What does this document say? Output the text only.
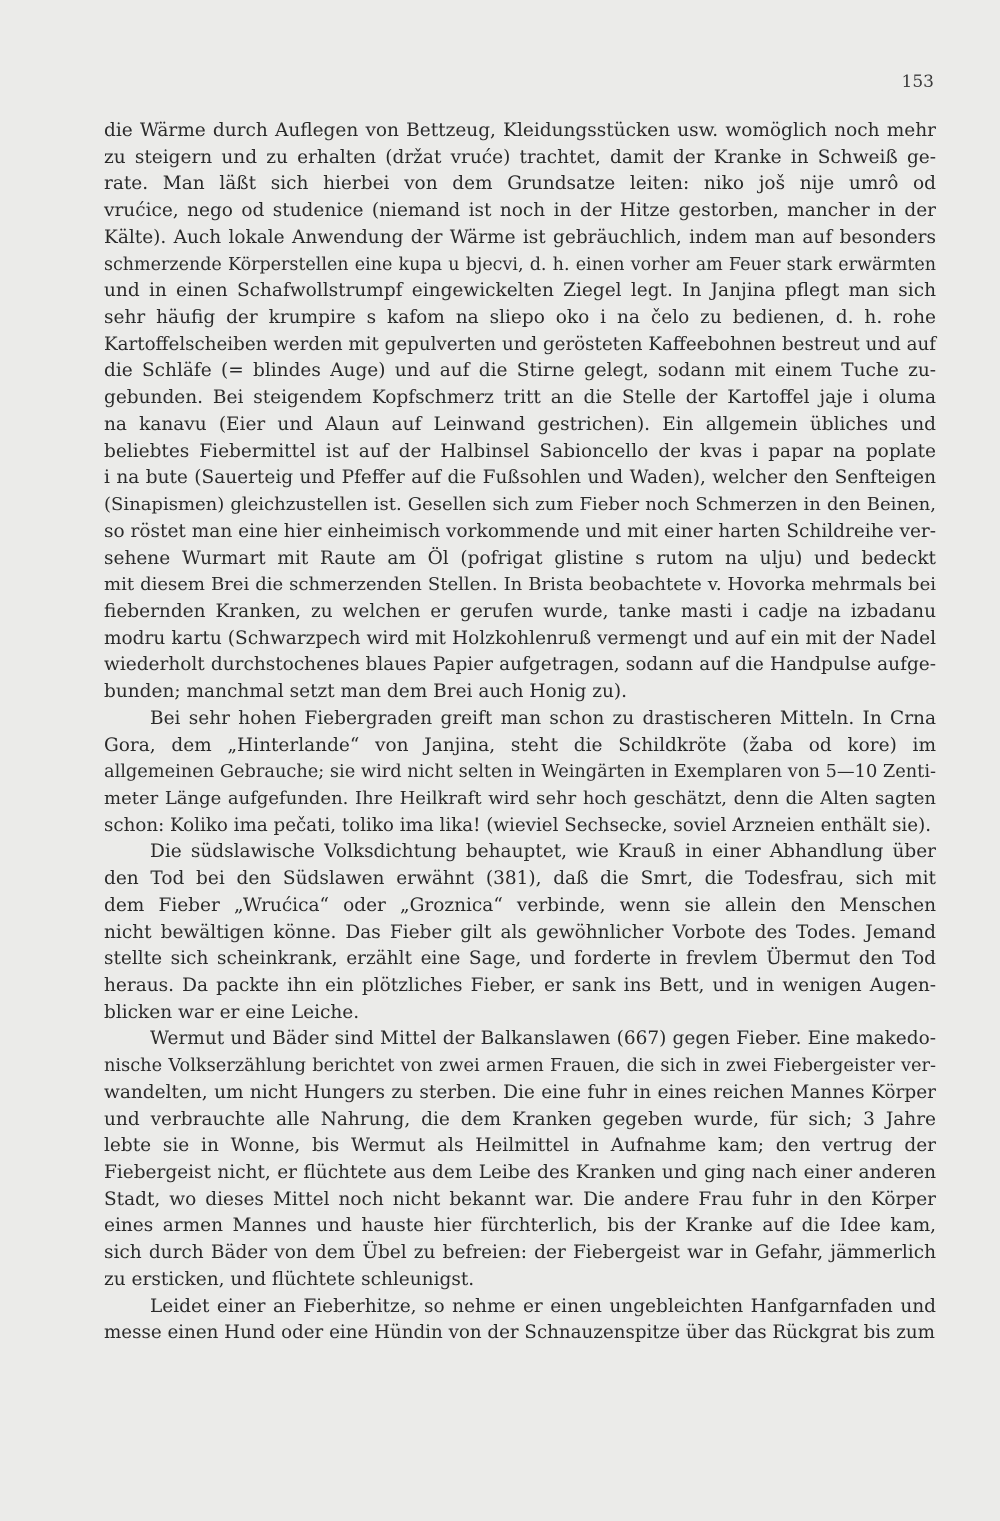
153
die Wärme durch Auflegen von Bettzeug, Kleidungsstücken usw. womöglich noch mehr
zu steigern und zu erhalten (držat vruće) trachtet, damit der Kranke in Schweiß ge-
rate. Man läßt sich hierbei von dem Grundsatze leiten: niko još nije umrô od
vrućice, nego od studenice (niemand ist noch in der Hitze gestorben, mancher in der
Kälte). Auch lokale Anwendung der Wärme ist gebräuchlich, indem man auf besonders
schmerzende Körperstellen eine kupa u bjecvi, d. h. einen vorher am Feuer stark erwärmten
und in einen Schafwollstrumpf eingewickelten Ziegel legt. In Janjina pflegt man sich
sehr häufig der krumpire s kafom na sliepo oko i na čelo zu bedienen, d. h. rohe
Kartoffelscheiben werden mit gepulverten und gerösteten Kaffeebohnen bestreut und auf
die Schläfe (= blindes Auge) und auf die Stirne gelegt, sodann mit einem Tuche zu-
gebunden. Bei steigendem Kopfschmerz tritt an die Stelle der Kartoffel jaje i oluma
na kanavu (Eier und Alaun auf Leinwand gestrichen). Ein allgemein übliches und
beliebtes Fiebermittel ist auf der Halbinsel Sabioncello der kvas i papar na poplate
i na bute (Sauerteig und Pfeffer auf die Fußsohlen und Waden), welcher den Senfteigen
(Sinapismen) gleichzustellen ist. Gesellen sich zum Fieber noch Schmerzen in den Beinen,
so röstet man eine hier einheimisch vorkommende und mit einer harten Schildreihe ver-
sehene Wurmart mit Raute am Öl (pofrigat glistine s rutom na ulju) und bedeckt
mit diesem Brei die schmerzenden Stellen. In Brista beobachtete v. Hovorka mehrmals bei
fiebernden Kranken, zu welchen er gerufen wurde, tanke masti i cadje na izbadanu
modru kartu (Schwarzpech wird mit Holzkohlenruß vermengt und auf ein mit der Nadel
wiederholt durchstochenes blaues Papier aufgetragen, sodann auf die Handpulse aufge-
bunden; manchmal setzt man dem Brei auch Honig zu).
Bei sehr hohen Fiebergraden greift man schon zu drastischeren Mitteln. In Crna
Gora, dem „Hinterlande“ von Janjina, steht die Schildkröte (žaba od kore) im
allgemeinen Gebrauche; sie wird nicht selten in Weingärten in Exemplaren von 5—10 Zenti-
meter Länge aufgefunden. Ihre Heilkraft wird sehr hoch geschätzt, denn die Alten sagten
schon: Koliko ima pečati, toliko ima lika! (wieviel Sechsecke, soviel Arzneien enthält sie).
Die südslawische Volksdichtung behauptet, wie Krauß in einer Abhandlung über
den Tod bei den Südslawen erwähnt (381), daß die Smrt, die Todesfrau, sich mit
dem Fieber „Wrućica“ oder „Groznica“ verbinde, wenn sie allein den Menschen
nicht bewältigen könne. Das Fieber gilt als gewöhnlicher Vorbote des Todes. Jemand
stellte sich scheinkrank, erzählt eine Sage, und forderte in frevlem Übermut den Tod
heraus. Da packte ihn ein plötzliches Fieber, er sank ins Bett, und in wenigen Augen-
blicken war er eine Leiche.
Wermut und Bäder sind Mittel der Balkanslawen (667) gegen Fieber. Eine makedo-
nische Volkserzählung berichtet von zwei armen Frauen, die sich in zwei Fiebergeister ver-
wandelten, um nicht Hungers zu sterben. Die eine fuhr in eines reichen Mannes Körper
und verbrauchte alle Nahrung, die dem Kranken gegeben wurde, für sich; 3 Jahre
lebte sie in Wonne, bis Wermut als Heilmittel in Aufnahme kam; den vertrug der
Fiebergeist nicht, er flüchtete aus dem Leibe des Kranken und ging nach einer anderen
Stadt, wo dieses Mittel noch nicht bekannt war. Die andere Frau fuhr in den Körper
eines armen Mannes und hauste hier fürchterlich, bis der Kranke auf die Idee kam,
sich durch Bäder von dem Übel zu befreien: der Fiebergeist war in Gefahr, jämmerlich
zu ersticken, und flüchtete schleunigst.
Leidet einer an Fieberhitze, so nehme er einen ungebleichten Hanfgarnfaden und
messe einen Hund oder eine Hündin von der Schnauzenspitze über das Rückgrat bis zum
